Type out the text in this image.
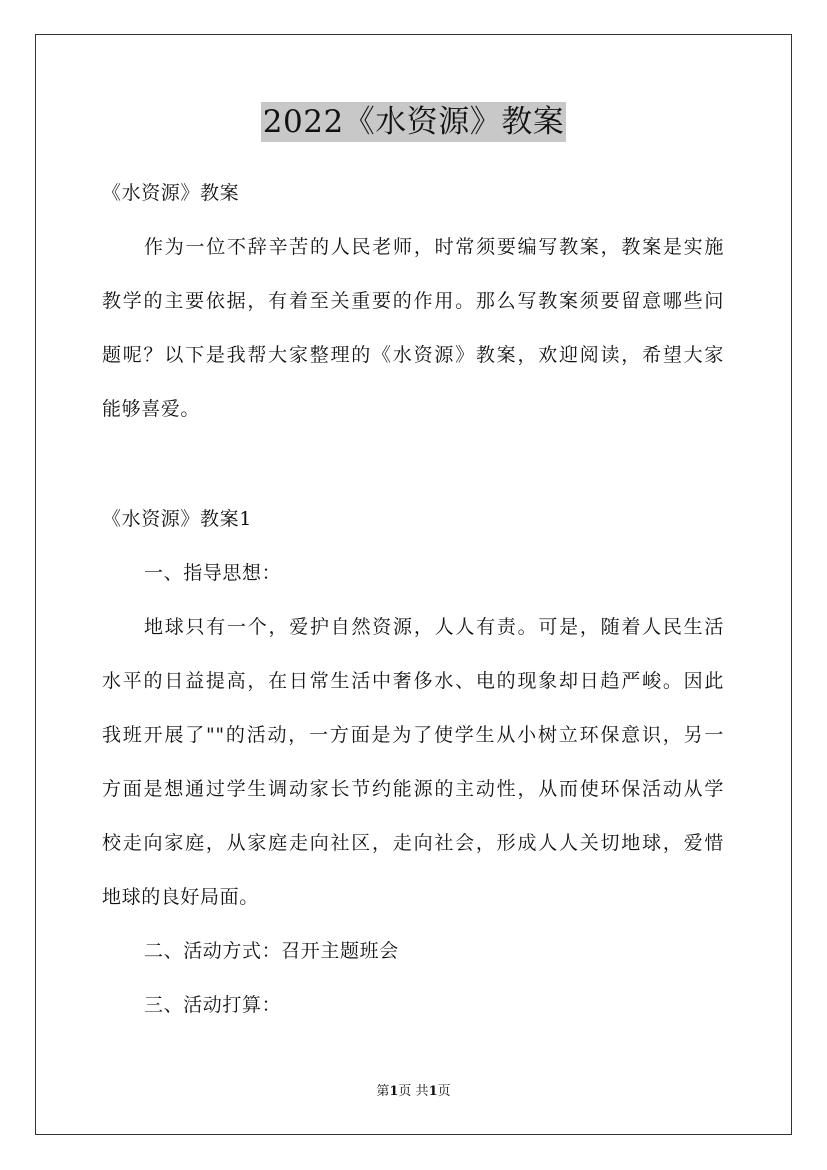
2022《水资源》教案
《水资源》教案
作为一位不辞辛苦的人民老师，时常须要编写教案，教案是实施
教学的主要依据，有着至关重要的作用。那么写教案须要留意哪些问
题呢？以下是我帮大家整理的《水资源》教案，欢迎阅读，希望大家
能够喜爱。
《水资源》教案1
一、指导思想：
地球只有一个，爱护自然资源，人人有责。可是，随着人民生活
水平的日益提高，在日常生活中奢侈水、电的现象却日趋严峻。因此
我班开展了""的活动，一方面是为了使学生从小树立环保意识，另一
方面是想通过学生调动家长节约能源的主动性，从而使环保活动从学
校走向家庭，从家庭走向社区，走向社会，形成人人关切地球，爱惜
地球的良好局面。
二、活动方式：召开主题班会
三、活动打算：
第1页 共1页
